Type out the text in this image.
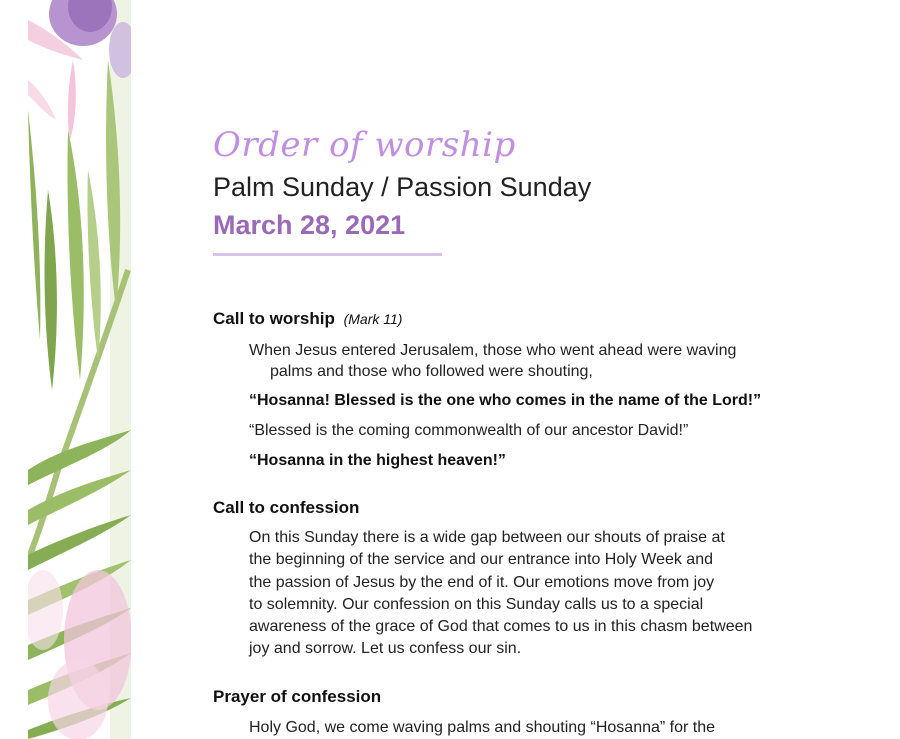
Order of worship
Palm Sunday / Passion Sunday
March 28, 2021
Call to worship (Mark 11)
When Jesus entered Jerusalem, those who went ahead were waving
palms and those who followed were shouting,
“Hosanna! Blessed is the one who comes in the name of the Lord!”
“Blessed is the coming commonwealth of our ancestor David!”
“Hosanna in the highest heaven!”
Call to confession
On this Sunday there is a wide gap between our shouts of praise at
the beginning of the service and our entrance into Holy Week and
the passion of Jesus by the end of it. Our emotions move from joy
to solemnity. Our confession on this Sunday calls us to a special
awareness of the grace of God that comes to us in this chasm between
joy and sorrow. Let us confess our sin.
Prayer of confession
Holy God, we come waving palms and shouting “Hosanna” for the
